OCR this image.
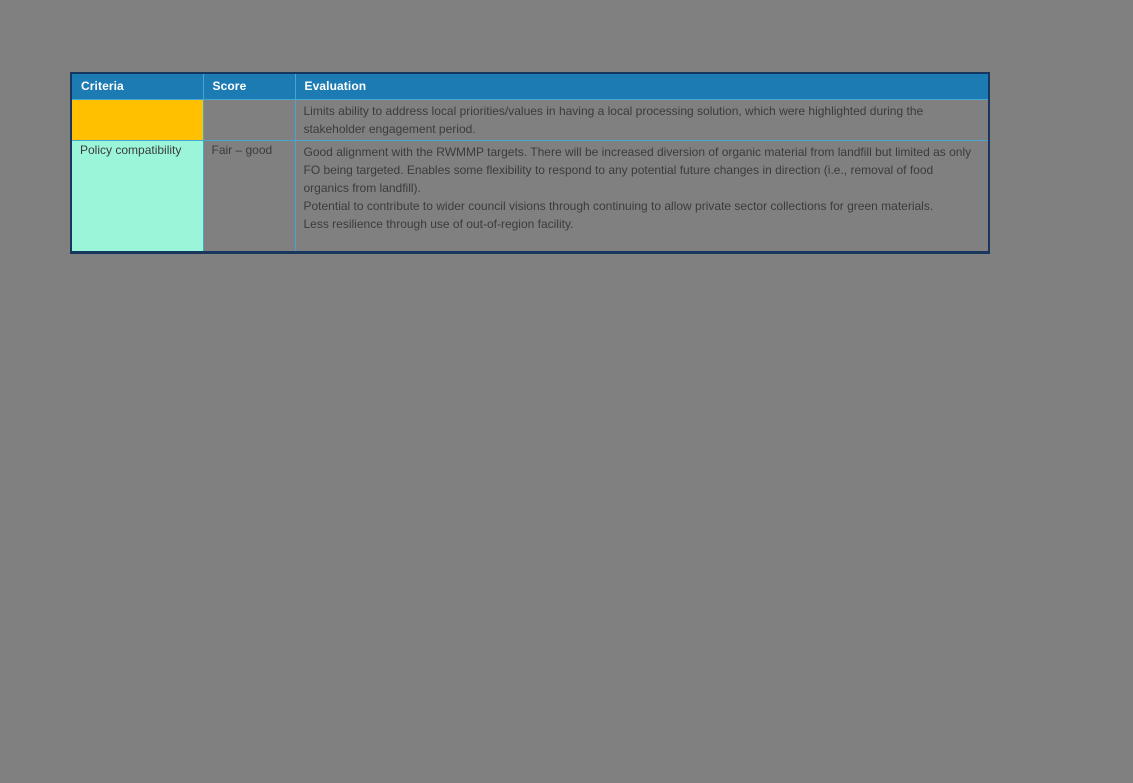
Criteria	Score	Evaluation

		Limits ability to address local priorities/values in having a local processing solution, which were highlighted during the stakeholder engagement period.

Policy compatibility	Fair – good	Good alignment with the RWMMP targets. There will be increased diversion of organic material from landfill but limited as only FO being targeted. Enables some flexibility to respond to any potential future changes in direction (i.e., removal of food organics from landfill).

Potential to contribute to wider council visions through continuing to allow private sector collections for green materials.

Less resilience through use of out-of-region facility.
